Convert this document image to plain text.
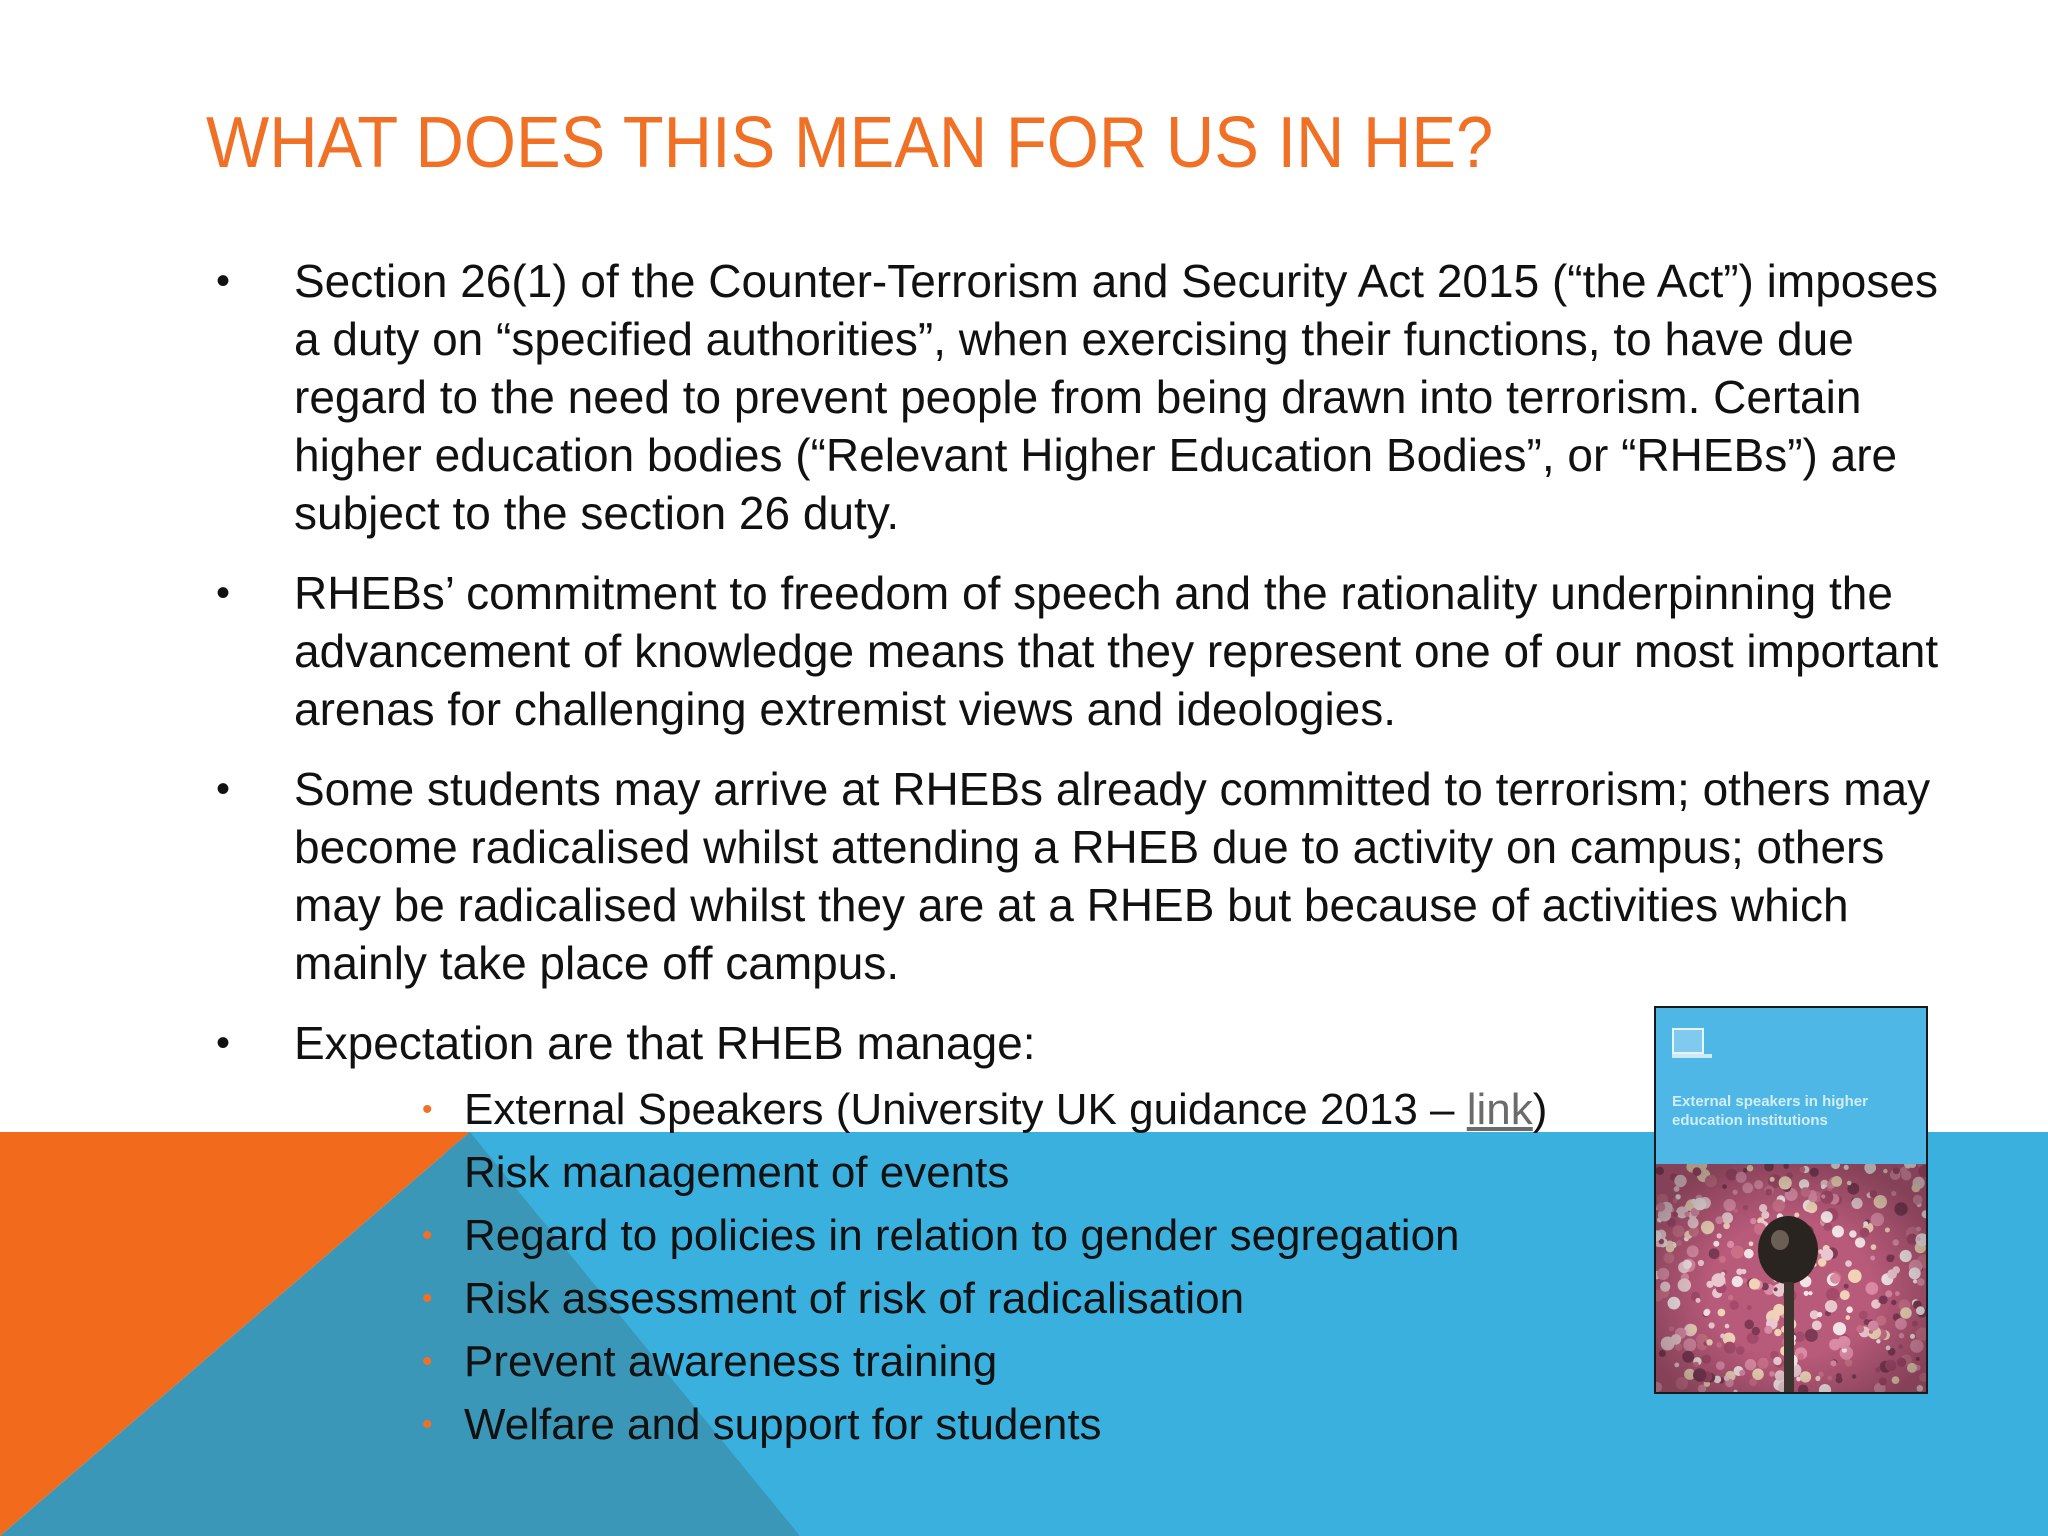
WHAT DOES THIS MEAN FOR US IN HE?
• Section 26(1) of the Counter-Terrorism and Security Act 2015 (“the Act”) imposes a duty on “specified authorities”, when exercising their functions, to have due regard to the need to prevent people from being drawn into terrorism. Certain higher education bodies (“Relevant Higher Education Bodies”, or “RHEBs”) are subject to the section 26 duty.
• RHEBs’ commitment to freedom of speech and the rationality underpinning the advancement of knowledge means that they represent one of our most important arenas for challenging extremist views and ideologies.
• Some students may arrive at RHEBs already committed to terrorism; others may become radicalised whilst attending a RHEB due to activity on campus; others may be radicalised whilst they are at a RHEB but because of activities which mainly take place off campus.
• Expectation are that RHEB manage:
• External Speakers (University UK guidance 2013 – link)
Risk management of events
• Regard to policies in relation to gender segregation
• Risk assessment of risk of radicalisation
• Prevent awareness training
• Welfare and support for students
External speakers in higher education institutions
